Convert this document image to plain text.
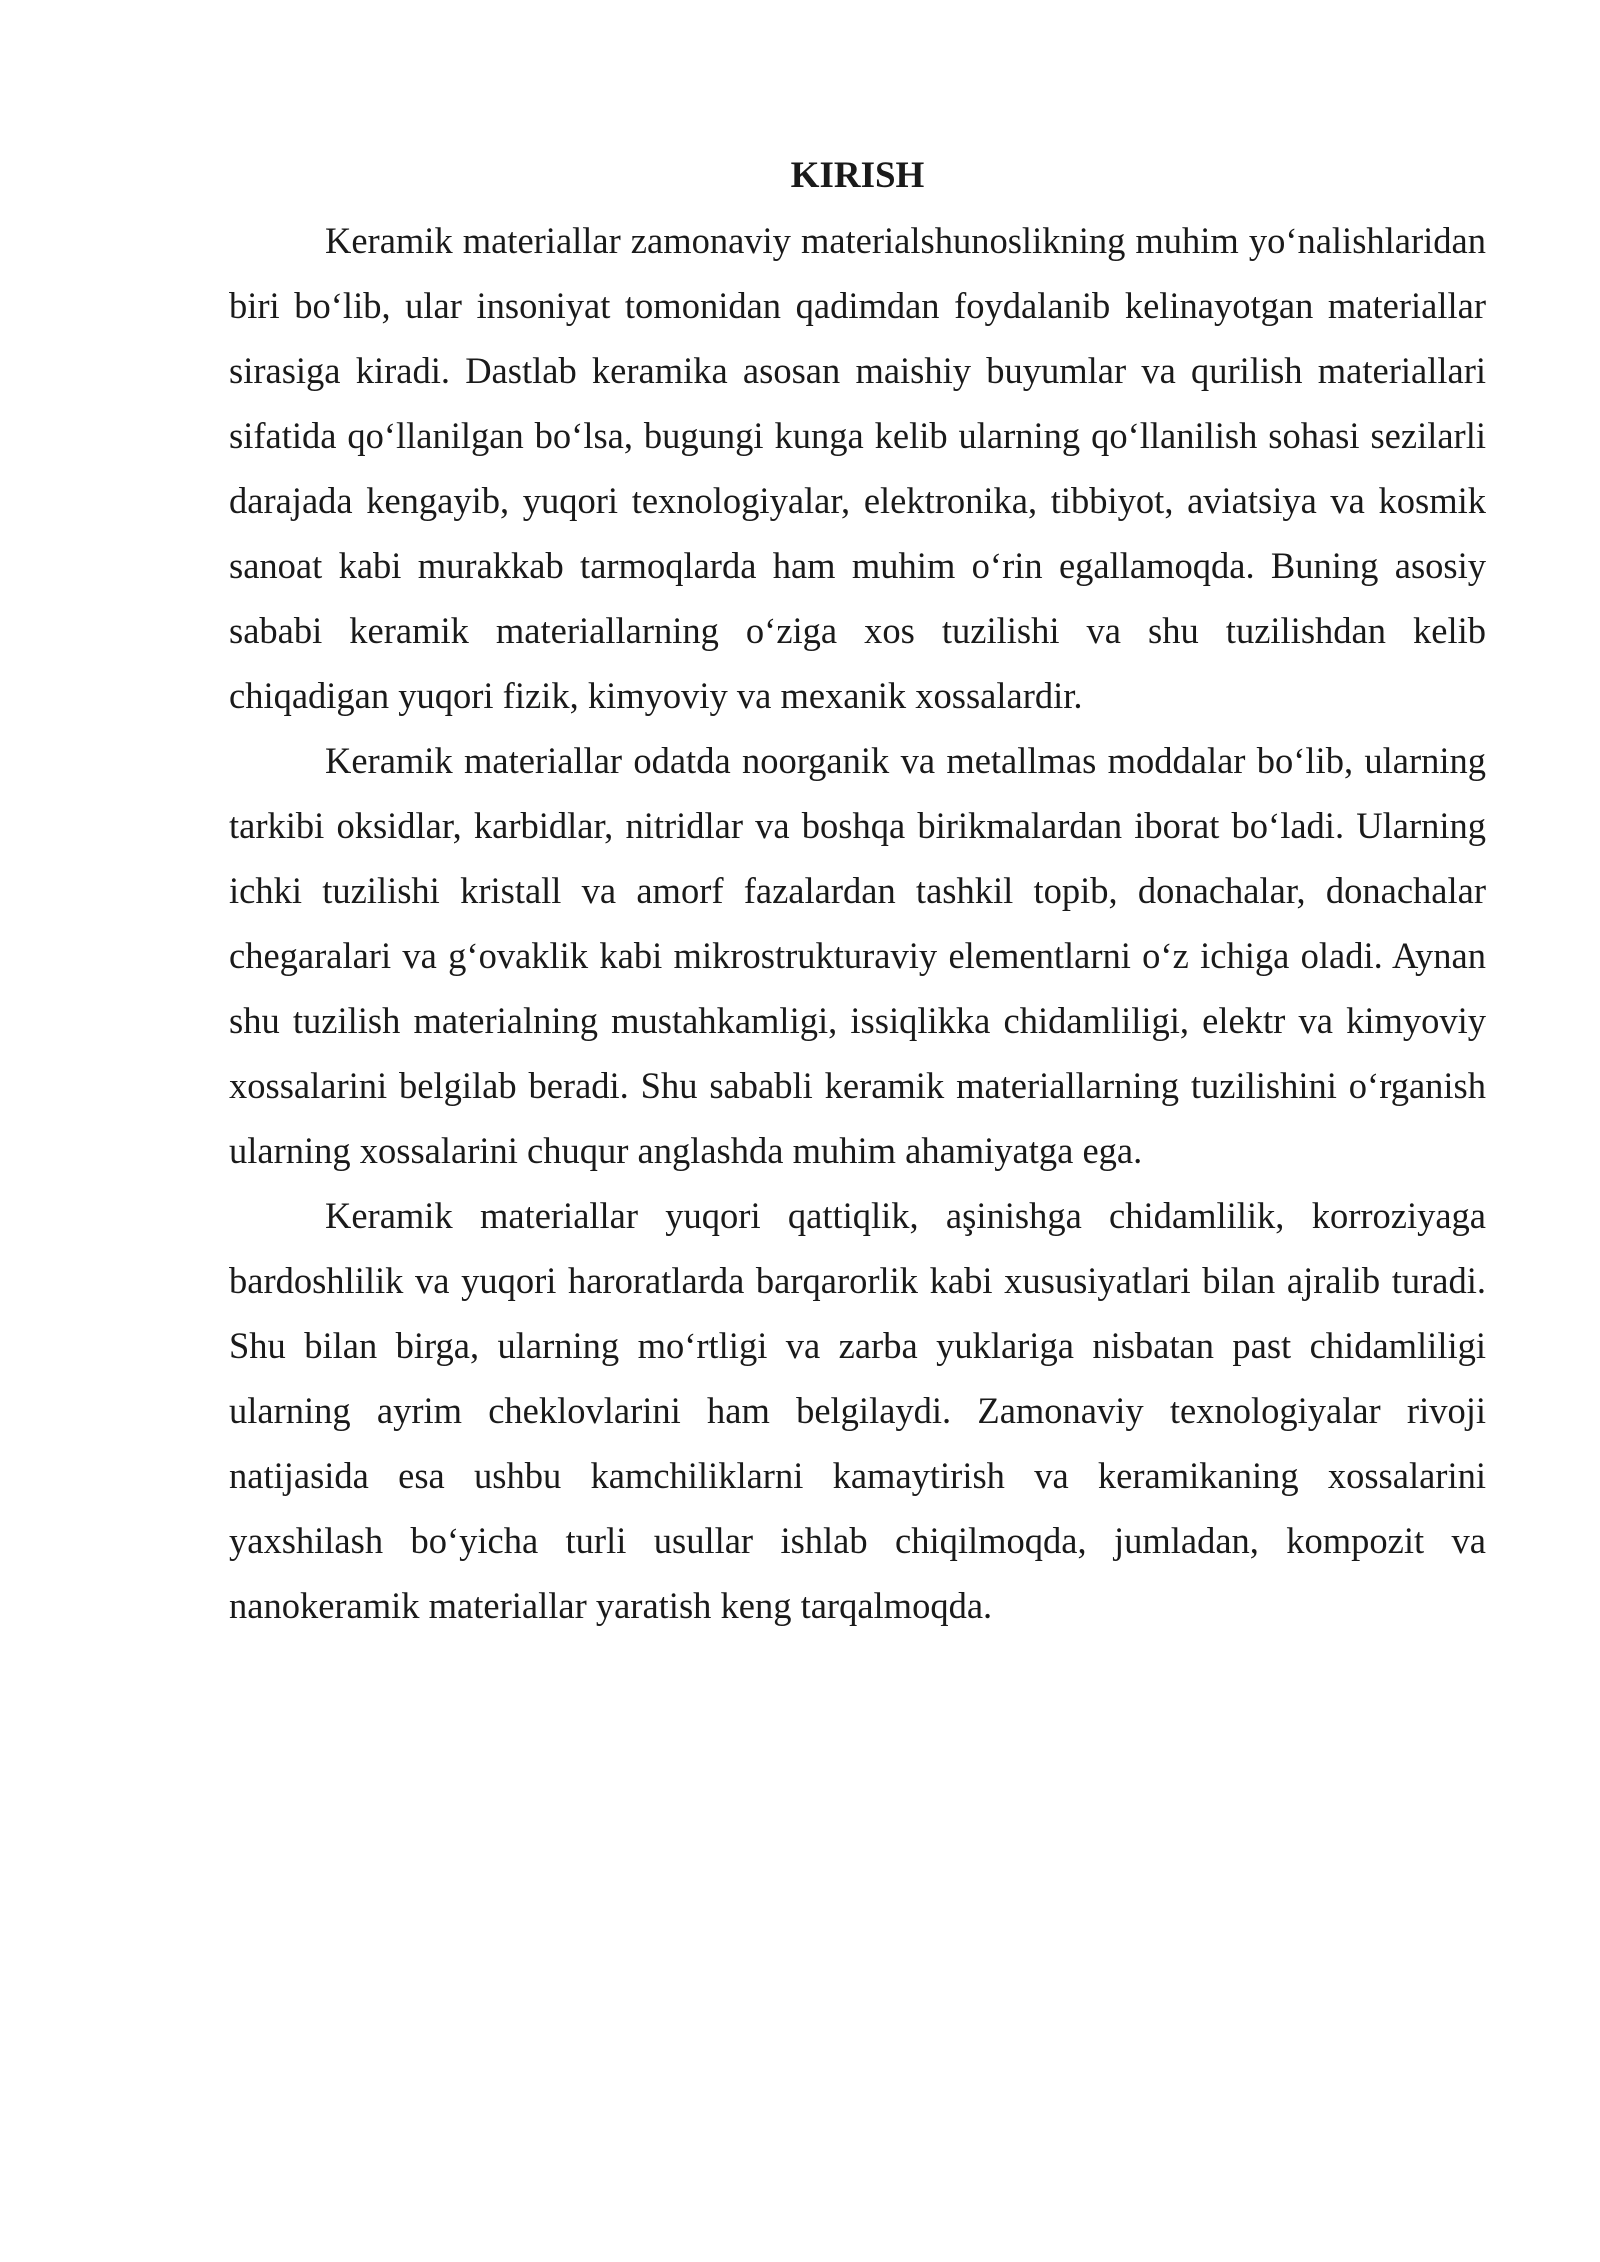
KIRISH

Keramik materiallar zamonaviy materialshunoslikning muhim yo‘nalishlaridan biri bo‘lib, ular insoniyat tomonidan qadimdan foydalanib kelinayotgan materiallar sirasiga kiradi. Dastlab keramika asosan maishiy buyumlar va qurilish materiallari sifatida qo‘llanilgan bo‘lsa, bugungi kunga kelib ularning qo‘llanilish sohasi sezilarli darajada kengayib, yuqori texnologiyalar, elektronika, tibbiyot, aviatsiya va kosmik sanoat kabi murakkab tarmoqlarda ham muhim o‘rin egallamoqda. Buning asosiy sababi keramik materiallarning o‘ziga xos tuzilishi va shu tuzilishdan kelib chiqadigan yuqori fizik, kimyoviy va mexanik xossalardir.

Keramik materiallar odatda noorganik va metallmas moddalar bo‘lib, ularning tarkibi oksidlar, karbidlar, nitridlar va boshqa birikmalardan iborat bo‘ladi. Ularning ichki tuzilishi kristall va amorf fazalardan tashkil topib, donachalar, donachalar chegaralari va g‘ovaklik kabi mikrostrukturaviy elementlarni o‘z ichiga oladi. Aynan shu tuzilish materialning mustahkamligi, issiqlikka chidamliligi, elektr va kimyoviy xossalarini belgilab beradi. Shu sababli keramik materiallarning tuzilishini o‘rganish ularning xossalarini chuqur anglashda muhim ahamiyatga ega.

Keramik materiallar yuqori qattiqlik, aşinishga chidamlilik, korroziyaga bardoshlilik va yuqori haroratlarda barqarorlik kabi xususiyatlari bilan ajralib turadi. Shu bilan birga, ularning mo‘rtligi va zarba yuklariga nisbatan past chidamliligi ularning ayrim cheklovlarini ham belgilaydi. Zamonaviy texnologiyalar rivoji natijasida esa ushbu kamchiliklarni kamaytirish va keramikaning xossalarini yaxshilash bo‘yicha turli usullar ishlab chiqilmoqda, jumladan, kompozit va nanokeramik materiallar yaratish keng tarqalmoqda.
